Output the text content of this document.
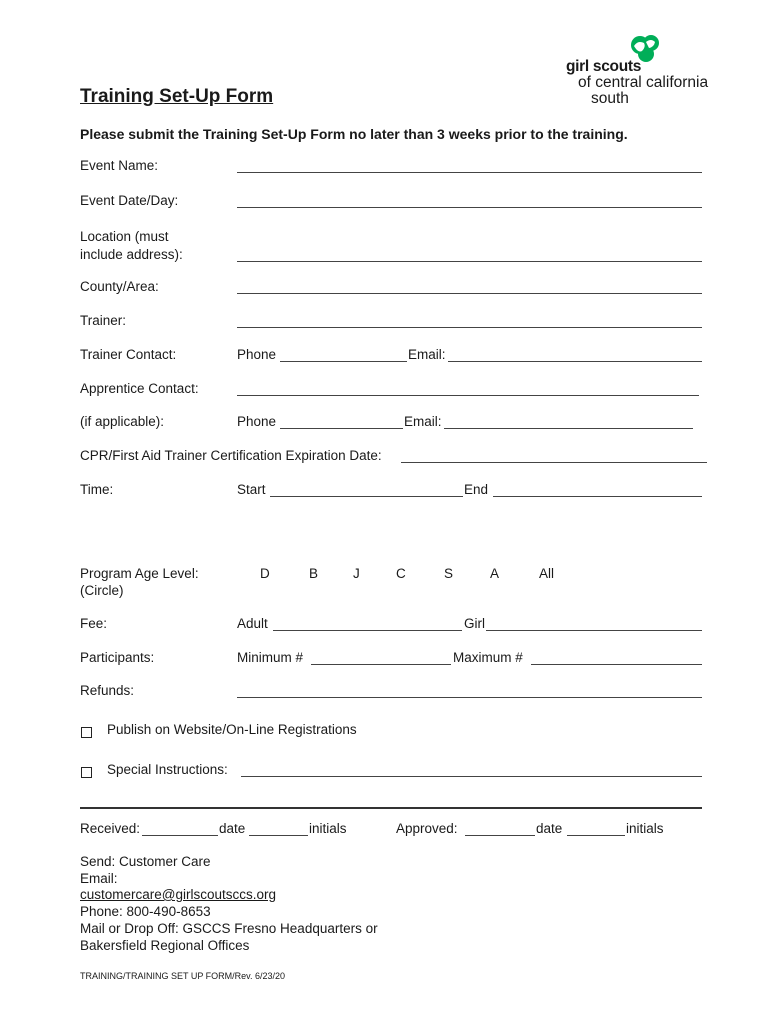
girl scouts
of central california
south
Training Set-Up Form
Please submit the Training Set-Up Form no later than 3 weeks prior to the training.
Event Name:
Event Date/Day:
Location (must
include address):
County/Area:
Trainer:
Trainer Contact:	Phone	Email:
Apprentice Contact:
(if applicable):	Phone	Email:
CPR/First Aid Trainer Certification Expiration Date:
Time:	Start	End
Program Age Level:
(Circle)
D	B	J	C	S	A	All
Fee:	Adult	Girl
Participants:	Minimum #	Maximum #
Refunds:
Publish on Website/On-Line Registrations
Special Instructions:
Received:	date	initials	Approved:	date	initials
Send: Customer Care
Email:
customercare@girlscoutsccs.org
Phone: 800-490-8653
Mail or Drop Off: GSCCS Fresno Headquarters or
Bakersfield Regional Offices
TRAINING/TRAINING SET UP FORM/Rev. 6/23/20
